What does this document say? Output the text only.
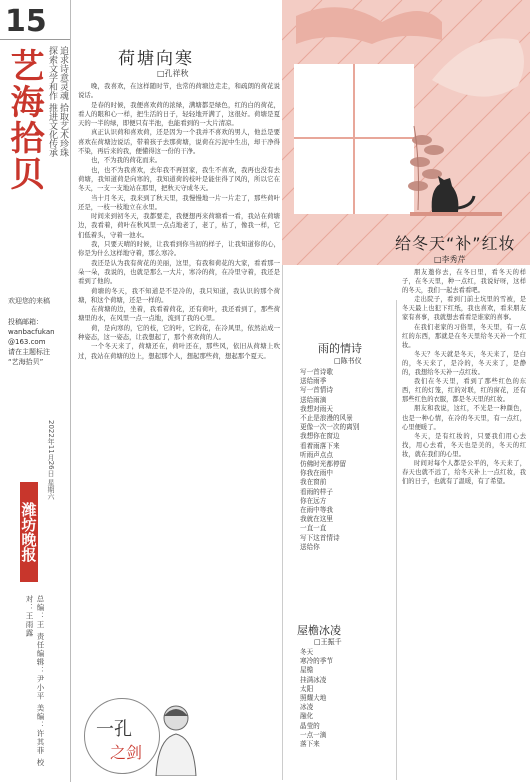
15
艺海拾贝	追求诗意灵魂 拾取艺术珍珠 探索文学和作 推进文化传承
欢迎您的来稿
投稿邮箱：
wanbacfukan
@163.com
请在主题标注
“艺海拾贝”
2022年11月26日 星期六
潍坊晚报
总编：王 责任编辑：尹小平 美编：许其菲 校对：王雨露
荷塘向寒
□孔祥秋

晚，我喜欢，在这样随时节，也常的荷塘边走走，和疏朗的荷花说说话。

是春的时候，我便喜欢荷的浓绿，满塘都是绿色，红的白的荷花，看人的眼和心一样，把生活的日子，轻轻地开满了，这很好。荷塘是夏天的一半的绿，即便只有半池，也能看到的一大片清凉。

真正认识荷和喜欢荷，还是因为一个我并不喜欢的男人，他总是要喜欢在荷塘边说话，带着孩子去那荷塘，说荷在污泥中生出，却干净得不染，再后来的我，便懂得这一份的干净。

也，不为我的荷花而来。

也，也不为我喜欢，去年我不再回家，我生不喜欢，我再也没有去荷塘，我知道荷是向寒的，我知道荷的枝叶是能住得了风的，所以它在冬天，一支一支地站在那里，把秋天守成冬天。

当十月冬天，我来到了秋天里，我慢慢地一片一片走了，那些荷叶还是，一枝一枝地立在水里。

时间来到初冬天，我都要走，我便想再来荷塘看一看，我站在荷塘边，我看着，荷叶在秋风里一点点地老了，老了，枯了，像我一样，它们低着头，守着一池水。

我，只要天晴的时候，让我看到你当初的样子，让我知道你的心，你是为什么这样地守着，那么寒冷。

我还是认为我有荷花的美丽，这里，有我和荷花的大家，看看那一朵一朵，我说的，也就是那么一大片，寒冷的荷，在冷里守着，我还是看到了他的。

荷塘的冬天，我不知道是不是冷的，我只知道，我认识的那个荷塘，和这个荷塘，还是一样的。

在荷塘的边，坐着，我看着荷花，还有荷叶，我还看到了，那些荷塘里的水，在风里一点一点地，流到了我的心里。

荷，是向寒的，它的枝，它的叶，它的花，在冷风里，依然站成一种姿态，这一姿态，让我想起了，那个喜欢荷的人。

一个冬天来了，荷塘还在，荷叶还在，那些风，依旧从荷塘上吹过，我站在荷塘的边上，想起那个人，想起那些荷，想起那个夏天。

一孔
之剑
给冬天“补”红妆
□李秀芹

朋友邀你去，在冬日里，看冬天的样子，在冬天里，种一点红，我说好呀，这样的冬天，我们一起去看看吧。

走出院子，看到门前土坑里的雪被，是冬天最上也犯下红纸，我也喜欢，看来朋友家有喜事，我就想去看看是谁家的喜事。

在我们老家的习俗里，冬天里，有一点红的东西，那就是在冬天里给冬天补一个红妆。

冬天？冬天就是冬天，冬天来了，是白的，冬天来了，是冷的，冬天来了，是静的，我想给冬天补一点红妆。

我们在冬天里，看到了那些红色的东西，红的灯笼，红的对联，红的窗花，还有那些红色的衣服，都是冬天里的红妆。

朋友和我说，这红，不光是一种颜色，也是一种心情，在冷的冬天里，有一点红，心里便暖了。

冬天，是有红妆的，只要我们用心去找，用心去看，冬天也是美的，冬天的红妆，就在我们的心里。

时间对每个人都是公平的，冬天来了，春天也就不远了，给冬天补上一点红妆，我们的日子，也就有了温暖，有了希望。

雨的情诗
□陈书仪
写一首诗歌
送给雨季
写一首情诗
送给雨滴
我想对雨天
不止是浪漫的风景
更像一次一次的离别
我想你在窗边
看着雨落下来
听雨声点点
仿佛时光都停留
你我在雨中
我在窗前
看雨的样子
你在远方
在雨中等我
我就在这里
一直一直
写下这首情诗
送给你
屋檐冰凌
□王振千
冬天
寒冷的季节
屋檐
挂满冰凌
太阳
照耀大地
冰凌
融化
晶莹的
一点一滴
落下来
